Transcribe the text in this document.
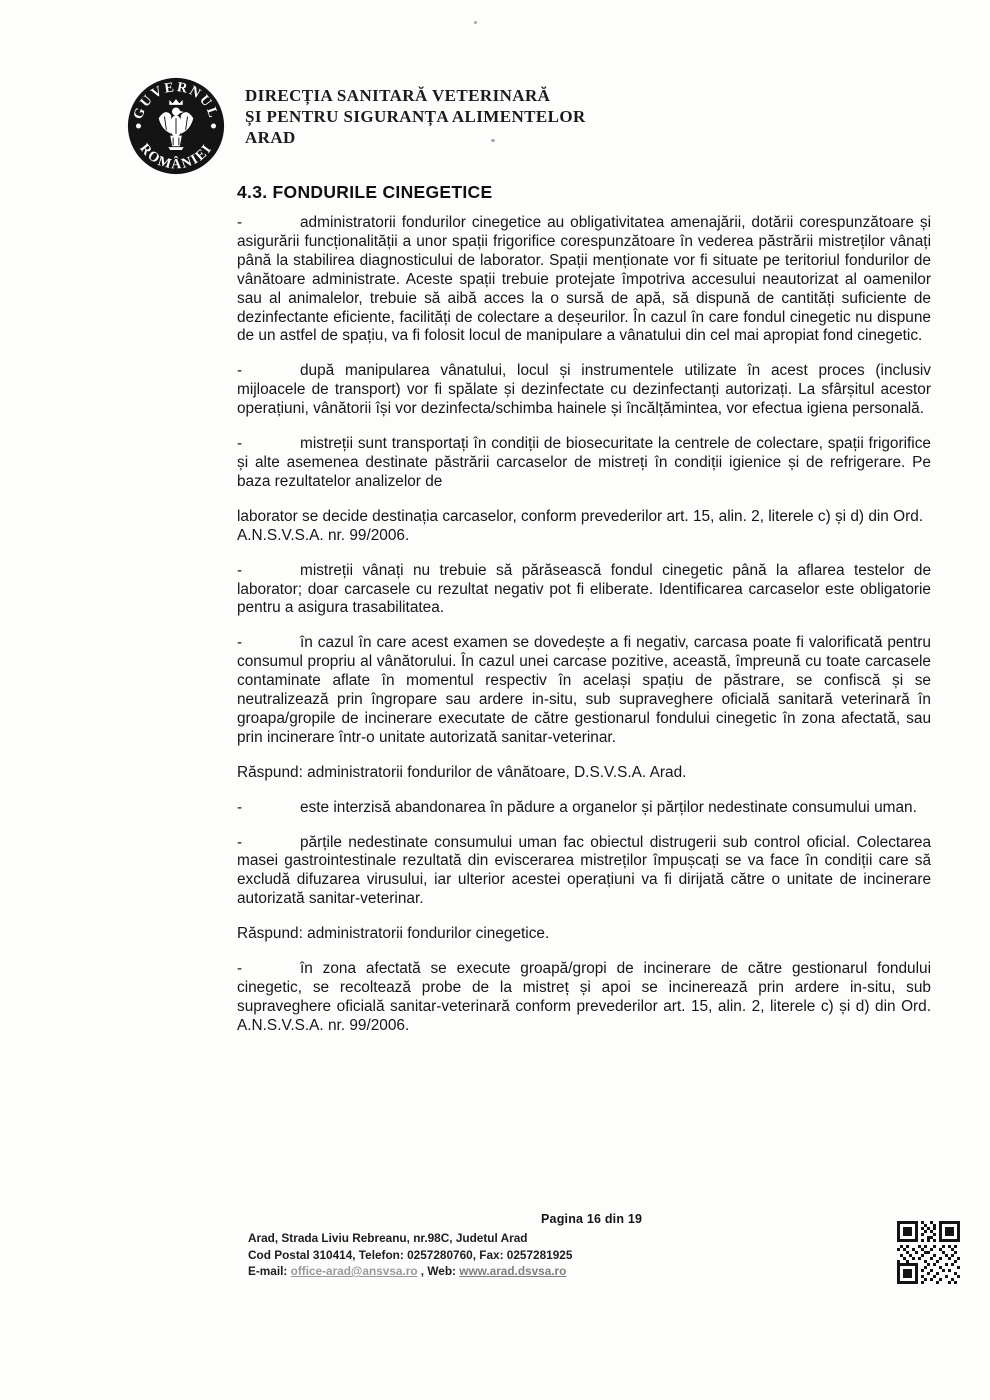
GUVERNUL
ROMÂNIEI
DIRECȚIA SANITARĂ VETERINARĂ
ȘI PENTRU SIGURANȚA ALIMENTELOR
ARAD
4.3. FONDURILE CINEGETICE
-	administratorii fondurilor cinegetice au obligativitatea amenajării, dotării corespunzătoare și asigurării funcționalității a unor spații frigorifice corespunzătoare în vederea păstrării mistreților vânați până la stabilirea diagnosticului de laborator. Spații menționate vor fi situate pe teritoriul fondurilor de vânătoare administrate. Aceste spații trebuie protejate împotriva accesului neautorizat al oamenilor sau al animalelor, trebuie să aibă acces la o sursă de apă, să dispună de cantități suficiente de dezinfectante eficiente, facilități de colectare a deșeurilor. În cazul în care fondul cinegetic nu dispune de un astfel de spațiu, va fi folosit locul de manipulare a vânatului din cel mai apropiat fond cinegetic.
-	după manipularea vânatului, locul și instrumentele utilizate în acest proces (inclusiv mijloacele de transport) vor fi spălate și dezinfectate cu dezinfectanți autorizați. La sfârșitul acestor operațiuni, vânătorii își vor dezinfecta/schimba hainele și încălțămintea, vor efectua igiena personală.
-	mistreții sunt transportați în condiții de biosecuritate la centrele de colectare, spații frigorifice și alte asemenea destinate păstrării carcaselor de mistreți în condiții igienice și de refrigerare. Pe baza rezultatelor analizelor de
laborator se decide destinația carcaselor, conform prevederilor art. 15, alin. 2, literele c) și d) din Ord. A.N.S.V.S.A. nr. 99/2006.
-	mistreții vânați nu trebuie să părăsească fondul cinegetic până la aflarea testelor de laborator; doar carcasele cu rezultat negativ pot fi eliberate. Identificarea carcaselor este obligatorie pentru a asigura trasabilitatea.
-	în cazul în care acest examen se dovedește a fi negativ, carcasa poate fi valorificată pentru consumul propriu al vânătorului. În cazul unei carcase pozitive, această, împreună cu toate carcasele contaminate aflate în momentul respectiv în același spațiu de păstrare, se confiscă și se neutralizează prin îngropare sau ardere in-situ, sub supraveghere oficială sanitară veterinară în groapa/gropile de incinerare executate de către gestionarul fondului cinegetic în zona afectată, sau prin incinerare într-o unitate autorizată sanitar-veterinar.
Răspund: administratorii fondurilor de vânătoare, D.S.V.S.A. Arad.
-	este interzisă abandonarea în pădure a organelor și părților nedestinate consumului uman.
-	părțile nedestinate consumului uman fac obiectul distrugerii sub control oficial. Colectarea masei gastrointestinale rezultată din eviscerarea mistreților împușcați se va face în condiții care să excludă difuzarea virusului, iar ulterior acestei operațiuni va fi dirijată către o unitate de incinerare autorizată sanitar-veterinar.
Răspund: administratorii fondurilor cinegetice.
-	în zona afectată se execute groapă/gropi de incinerare de către gestionarul fondului cinegetic, se recoltează probe de la mistreț și apoi se incinerează prin ardere in-situ, sub supraveghere oficială sanitar-veterinară conform prevederilor art. 15, alin. 2, literele c) și d) din Ord. A.N.S.V.S.A. nr. 99/2006.
Pagina 16 din 19
Arad, Strada Liviu Rebreanu, nr.98C, Judetul Arad
Cod Postal 310414, Telefon: 0257280760, Fax: 0257281925
E-mail: office-arad@ansvsa.ro , Web: www.arad.dsvsa.ro
